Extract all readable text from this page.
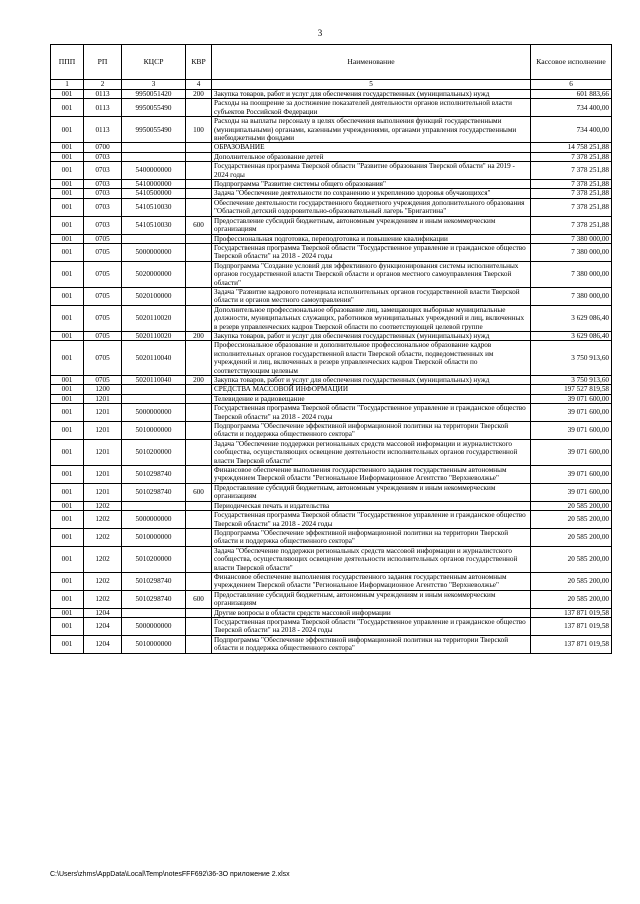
3
ППП	РП	КЦСР	КВР	Наименование	Кассовое исполнение
1	2	3	4	5	6
001	0113	9950051420	200	Закупка товаров, работ и услуг для обеспечения государственных (муниципальных) нужд	601 883,66
001	0113	9950055490		Расходы на поощрение за достижение показателей деятельности органов исполнительной власти субъектов Российской Федерации	734 400,00
001	0113	9950055490	100	Расходы на выплаты персоналу в целях обеспечения выполнения функций государственными (муниципальными) органами, казенными учреждениями, органами управления государственными внебюджетными фондами	734 400,00
001	0700			ОБРАЗОВАНИЕ	14 758 251,88
001	0703			Дополнительное образование детей	7 378 251,88
001	0703	5400000000		Государственная программа Тверской области "Развитие образования Тверской области" на 2019 - 2024 годы	7 378 251,88
001	0703	5410000000		Подпрограмма "Развитие системы общего образования"	7 378 251,88
001	0703	5410500000		Задача "Обеспечение деятельности по сохранению и укреплению здоровья обучающихся"	7 378 251,88
001	0703	5410510030		Обеспечение деятельности государственного бюджетного учреждения дополнительного образования "Областной детский оздоровительно-образовательный лагерь "Бригантина"	7 378 251,88
001	0703	5410510030	600	Предоставление субсидий бюджетным, автономным учреждениям и иным некоммерческим организациям	7 378 251,88
001	0705			Профессиональная подготовка, переподготовка и повышение квалификации	7 380 000,00
001	0705	5000000000		Государственная программа Тверской области "Государственное управление и гражданское общество Тверской области" на 2018 - 2024 годы	7 380 000,00
001	0705	5020000000		Подпрограмма "Создание условий для эффективного функционирования системы исполнительных органов государственной власти Тверской области и органов местного самоуправления Тверской области"	7 380 000,00
001	0705	5020100000		Задача "Развитие кадрового потенциала исполнительных органов государственной власти Тверской области и органов местного самоуправления"	7 380 000,00
001	0705	5020110020		Дополнительное профессиональное образование лиц, замещающих выборные муниципальные должности, муниципальных служащих, работников муниципальных учреждений и лиц, включенных в резерв управленческих кадров Тверской области по соответствующей целевой группе	3 629 086,40
001	0705	5020110020	200	Закупка товаров, работ и услуг для обеспечения государственных (муниципальных) нужд	3 629 086,40
001	0705	5020110040		Профессиональное образование и дополнительное профессиональное образование кадров исполнительных органов государственной власти Тверской области, подведомственных им учреждений и лиц, включенных в резерв управленческих кадров Тверской области по соответствующим целевым	3 750 913,60
001	0705	5020110040	200	Закупка товаров, работ и услуг для обеспечения государственных (муниципальных) нужд	3 750 913,60
001	1200			СРЕДСТВА МАССОВОЙ ИНФОРМАЦИИ	197 527 819,58
001	1201			Телевидение и радиовещание	39 071 600,00
001	1201	5000000000		Государственная программа Тверской области "Государственное управление и гражданское общество Тверской области" на 2018 - 2024 годы	39 071 600,00
001	1201	5010000000		Подпрограмма "Обеспечение эффективной информационной политики на территории Тверской области и поддержка общественного сектора"	39 071 600,00
001	1201	5010200000		Задача "Обеспечение поддержки региональных средств массовой информации и журналистского сообщества, осуществляющих освещение деятельности исполнительных органов государственной власти Тверской области"	39 071 600,00
001	1201	5010298740		Финансовое обеспечение выполнения государственного задания государственным автономным учреждением Тверской области "Региональное Информационное Агентство "Верхневолжье"	39 071 600,00
001	1201	5010298740	600	Предоставление субсидий бюджетным, автономным учреждениям и иным некоммерческим организациям	39 071 600,00
001	1202			Периодическая печать и издательства	20 585 200,00
001	1202	5000000000		Государственная программа Тверской области "Государственное управление и гражданское общество Тверской области" на 2018 - 2024 годы	20 585 200,00
001	1202	5010000000		Подпрограмма "Обеспечение эффективной информационной политики на территории Тверской области и поддержка общественного сектора"	20 585 200,00
001	1202	5010200000		Задача "Обеспечение поддержки региональных средств массовой информации и журналистского сообщества, осуществляющих освещение деятельности исполнительных органов государственной власти Тверской области"	20 585 200,00
001	1202	5010298740		Финансовое обеспечение выполнения государственного задания государственным автономным учреждением Тверской области "Региональное Информационное Агентство "Верхневолжье"	20 585 200,00
001	1202	5010298740	600	Предоставление субсидий бюджетным, автономным учреждениям и иным некоммерческим организациям	20 585 200,00
001	1204			Другие вопросы в области средств массовой информации	137 871 019,58
001	1204	5000000000		Государственная программа Тверской области "Государственное управление и гражданское общество Тверской области" на 2018 - 2024 годы	137 871 019,58
001	1204	5010000000		Подпрограмма "Обеспечение эффективной информационной политики на территории Тверской области и поддержка общественного сектора"	137 871 019,58
C:\Users\zhms\AppData\Local\Temp\notesFFF692\36-ЗО приложение 2.xlsx
